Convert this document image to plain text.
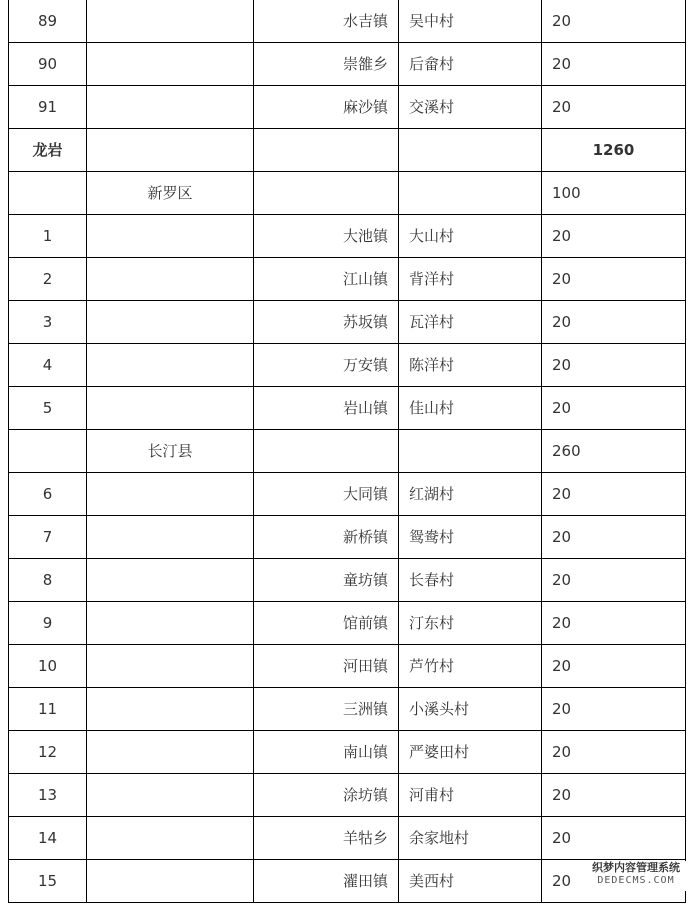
89		水吉镇	吴中村	20
90		崇雒乡	后畲村	20
91		麻沙镇	交溪村	20
龙岩				1260
	新罗区			100
1		大池镇	大山村	20
2		江山镇	背洋村	20
3		苏坂镇	瓦洋村	20
4		万安镇	陈洋村	20
5		岩山镇	佳山村	20
	长汀县			260
6		大同镇	红湖村	20
7		新桥镇	鸳鸯村	20
8		童坊镇	长春村	20
9		馆前镇	汀东村	20
10		河田镇	芦竹村	20
11		三洲镇	小溪头村	20
12		南山镇	严婆田村	20
13		涂坊镇	河甫村	20
14		羊牯乡	余家地村	20
15		濯田镇	美西村	20
织梦内容管理系统
DEDECMS.COM
